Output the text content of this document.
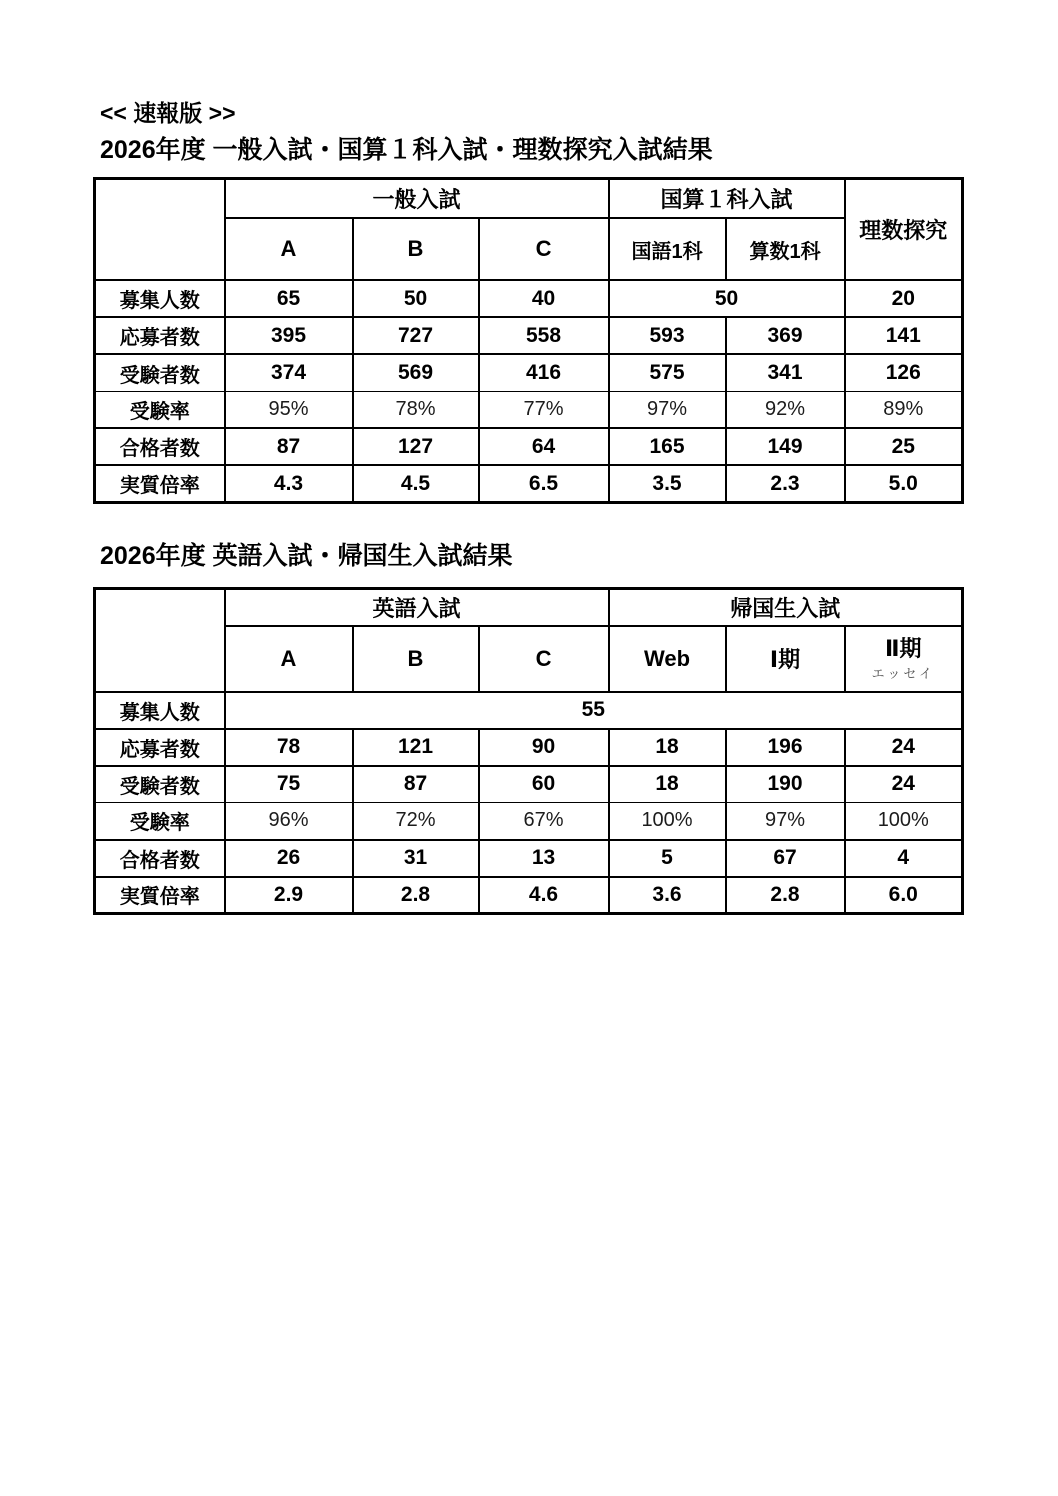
<< 速報版 >>
2026年度 一般入試・国算１科入試・理数探究入試結果
	一般入試			国算１科入試		理数探究
	A	B	C	国語1科	算数1科	
募集人数	65	50	40	50		20
応募者数	395	727	558	593	369	141
受験者数	374	569	416	575	341	126
受験率	95%	78%	77%	97%	92%	89%
合格者数	87	127	64	165	149	25
実質倍率	4.3	4.5	6.5	3.5	2.3	5.0
2026年度 英語入試・帰国生入試結果
	英語入試			帰国生入試		
	A	B	C	Web	Ⅰ期	Ⅱ期
エッセイ

募集人数	55					
応募者数	78	121	90	18	196	24
受験者数	75	87	60	18	190	24
受験率	96%	72%	67%	100%	97%	100%
合格者数	26	31	13	5	67	4
実質倍率	2.9	2.8	4.6	3.6	2.8	6.0
